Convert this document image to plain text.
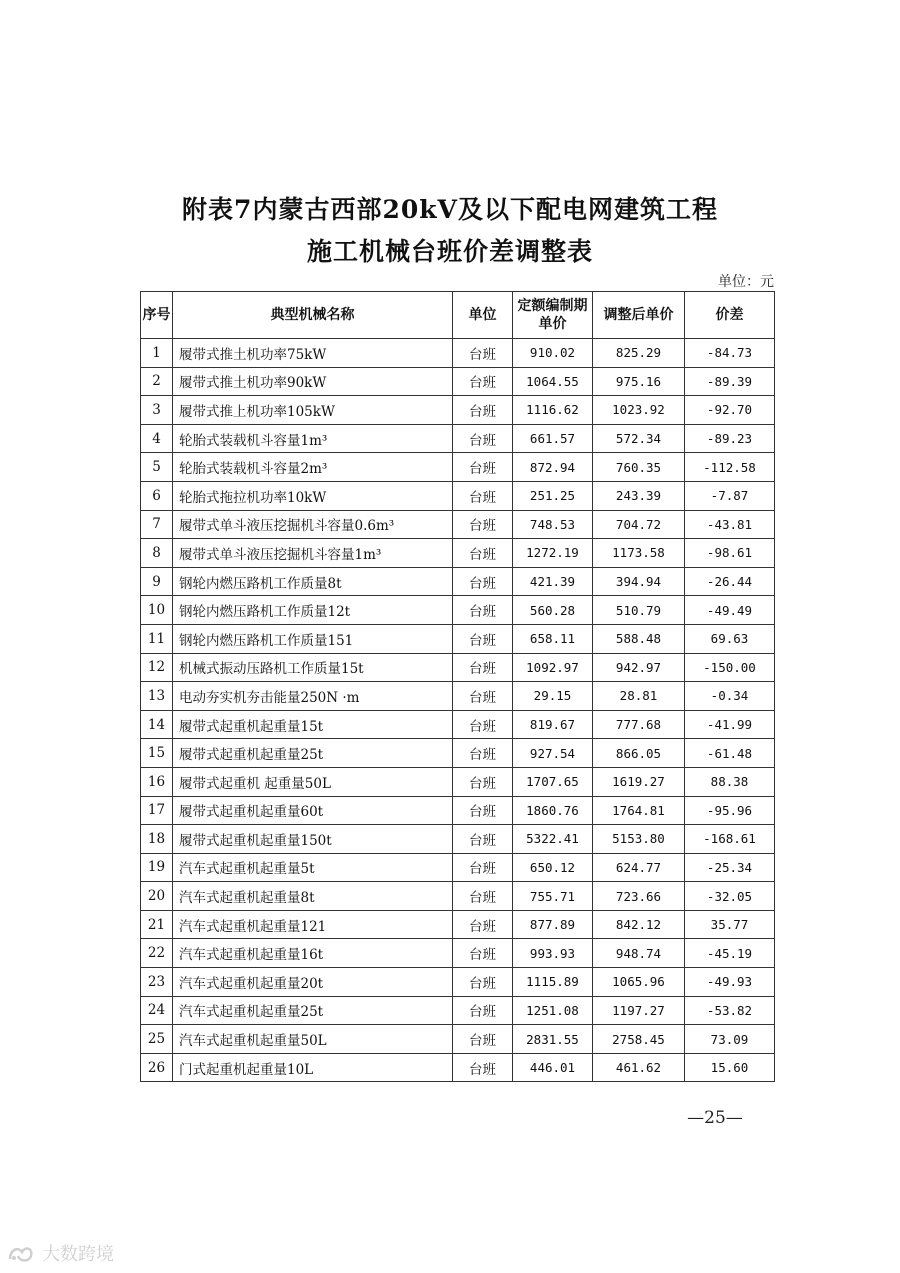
附表7内蒙古西部20kV及以下配电网建筑工程
施工机械台班价差调整表
单位：元
序号	典型机械名称	单位	定额编制期单价	调整后单价	价差
1	履带式推土机功率75kW	台班	910.02	825.29	-84.73
2	履带式推土机功率90kW	台班	1064.55	975.16	-89.39
3	履带式推上机功率105kW	台班	1116.62	1023.92	-92.70
4	轮胎式装载机斗容量1m³	台班	661.57	572.34	-89.23
5	轮胎式装载机斗容量2m³	台班	872.94	760.35	-112.58
6	轮胎式拖拉机功率10kW	台班	251.25	243.39	-7.87
7	履带式单斗液压挖掘机斗容量0.6m³	台班	748.53	704.72	-43.81
8	履带式单斗液压挖掘机斗容量1m³	台班	1272.19	1173.58	-98.61
9	钢轮内燃压路机工作质量8t	台班	421.39	394.94	-26.44
10	钢轮内燃压路机工作质量12t	台班	560.28	510.79	-49.49
11	钢轮内燃压路机工作质量151	台班	658.11	588.48	69.63
12	机械式振动压路机工作质量15t	台班	1092.97	942.97	-150.00
13	电动夯实机夯击能量250N ·m	台班	29.15	28.81	-0.34
14	履带式起重机起重量15t	台班	819.67	777.68	-41.99
15	履带式起重机起重量25t	台班	927.54	866.05	-61.48
16	履带式起重机 起重量50L	台班	1707.65	1619.27	88.38
17	履带式起重机起重量60t	台班	1860.76	1764.81	-95.96
18	履带式起重机起重量150t	台班	5322.41	5153.80	-168.61
19	汽车式起重机起重量5t	台班	650.12	624.77	-25.34
20	汽车式起重机起重量8t	台班	755.71	723.66	-32.05
21	汽车式起重机起重量121	台班	877.89	842.12	35.77
22	汽车式起重机起重量16t	台班	993.93	948.74	-45.19
23	汽车式起重机起重量20t	台班	1115.89	1065.96	-49.93
24	汽车式起重机起重量25t	台班	1251.08	1197.27	-53.82
25	汽车式起重机起重量50L	台班	2831.55	2758.45	73.09
26	门式起重机起重量10L	台班	446.01	461.62	15.60
—25—
大数跨境
